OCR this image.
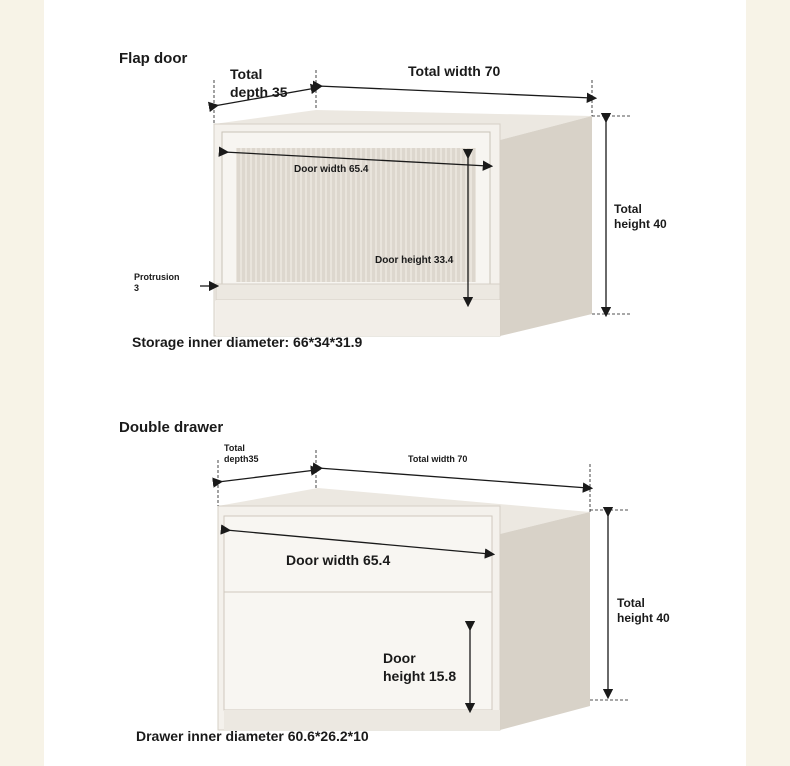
Flap door
Total
depth 35
Total width 70
Total
height 40
Door width 65.4
Door height 33.4
Protrusion
3
Storage inner diameter: 66*34*31.9
Double drawer
Total
depth35	Total width 70
Total
height 40
Door width 65.4
Door
height 15.8
Drawer inner diameter 60.6*26.2*10
